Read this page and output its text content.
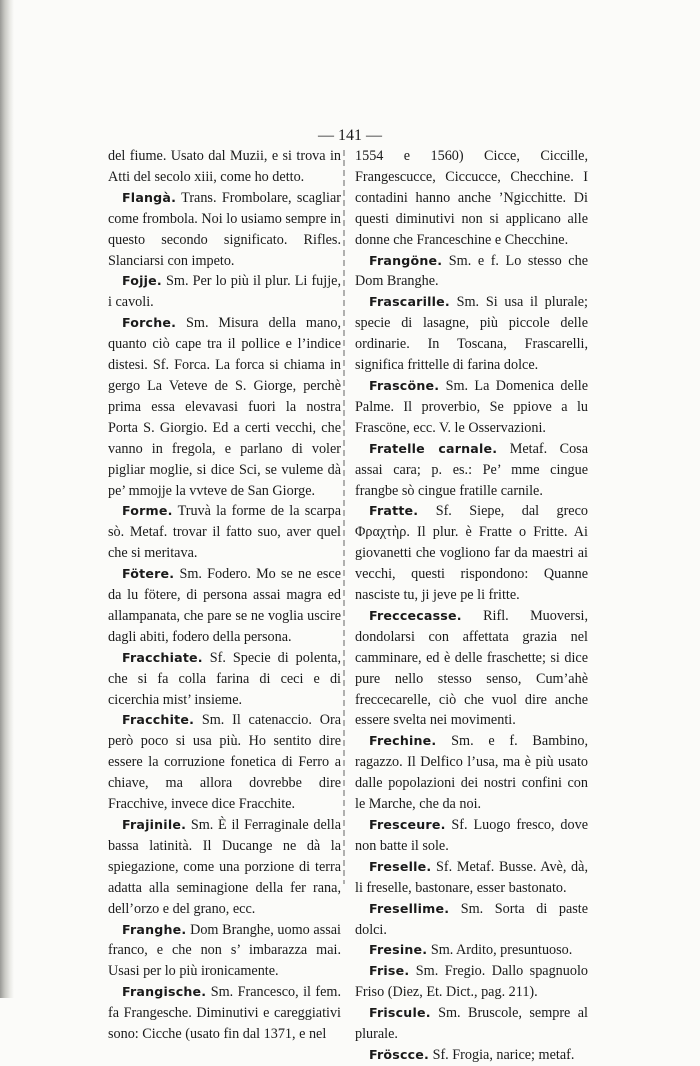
— 141 —

del fiume. Usato dal Muzii, e si trova in Atti del secolo xiii, come ho detto.

Flangà. Trans. Frombolare, scagliar come frombola. Noi lo usiamo sempre in questo secondo significato. Rifles. Slanciarsi con impeto.

Fojje. Sm. Per lo più il plur. Li fujje, i cavoli.

Forche. Sm. Misura della mano, quanto ciò cape tra il pollice e l’indice distesi. Sf. Forca. La forca si chiama in gergo La Veteve de S. Giorge, perchè prima essa elevavasi fuori la nostra Porta S. Giorgio. Ed a certi vecchi, che vanno in fregola, e parlano di voler pigliar moglie, si dice Sci, se vuleme dà pe’ mmojje la vvteve de San Giorge.

Forme. Truvà la forme de la scarpa sò. Metaf. trovar il fatto suo, aver quel che si meritava.

Fötere. Sm. Fodero. Mo se ne esce da lu fötere, di persona assai magra ed allampanata, che pare se ne voglia uscire dagli abiti, fodero della persona.

Fracchiate. Sf. Specie di polenta, che si fa colla farina di ceci e di cicerchia mist’ insieme.

Fracchite. Sm. Il catenaccio. Ora però poco si usa più. Ho sentito dire essere la corruzione fonetica di Ferro a chiave, ma allora dovrebbe dire Fracchive, invece dice Fracchite.

Frajinile. Sm. È il Ferraginale della bassa latinità. Il Ducange ne dà la spiegazione, come una porzione di terra adatta alla seminagione della fer rana, dell’orzo e del grano, ecc.

Franghe. Dom Branghe, uomo assai franco, e che non s’ imbarazza mai. Usasi per lo più ironicamente.

Frangische. Sm. Francesco, il fem. fa Frangesche. Diminutivi e careggiativi sono: Cicche (usato fin dal 1371, e nel

1554 e 1560) Cicce, Ciccille, Frangescucce, Ciccucce, Checchine. I contadini hanno anche ’Ngicchitte. Di questi diminutivi non si applicano alle donne che Franceschine e Checchine.

Frangöne. Sm. e f. Lo stesso che Dom Branghe.

Frascarille. Sm. Si usa il plurale; specie di lasagne, più piccole delle ordinarie. In Toscana, Frascarelli, significa frittelle di farina dolce.

Frascöne. Sm. La Domenica delle Palme. Il proverbio, Se ppiove a lu Frascöne, ecc. V. le Osservazioni.

Fratelle carnale. Metaf. Cosa assai cara; p. es.: Pe’ mme cingue frangbe sò cingue fratille carnile.

Fratte. Sf. Siepe, dal greco Φραχτὴρ. Il plur. è Fratte o Fritte. Ai giovanetti che vogliono far da maestri ai vecchi, questi rispondono: Quanne nasciste tu, ji jeve pe li fritte.

Freccecasse. Rifl. Muoversi, dondolarsi con affettata grazia nel camminare, ed è delle fraschette; si dice pure nello stesso senso, Cum’ahè freccecarelle, ciò che vuol dire anche essere svelta nei movimenti.

Frechine. Sm. e f. Bambino, ragazzo. Il Delfico l’usa, ma è più usato dalle popolazioni dei nostri confini con le Marche, che da noi.

Fresceure. Sf. Luogo fresco, dove non batte il sole.

Freselle. Sf. Metaf. Busse. Avè, dà, li freselle, bastonare, esser bastonato.

Fresellime. Sm. Sorta di paste dolci.

Fresine. Sm. Ardito, presuntuoso.

Frise. Sm. Fregio. Dallo spagnuolo Friso (Diez, Et. Dict., pag. 211).

Friscule. Sm. Bruscole, sempre al plurale.

Fröscce. Sf. Frogia, narice; metaf.
